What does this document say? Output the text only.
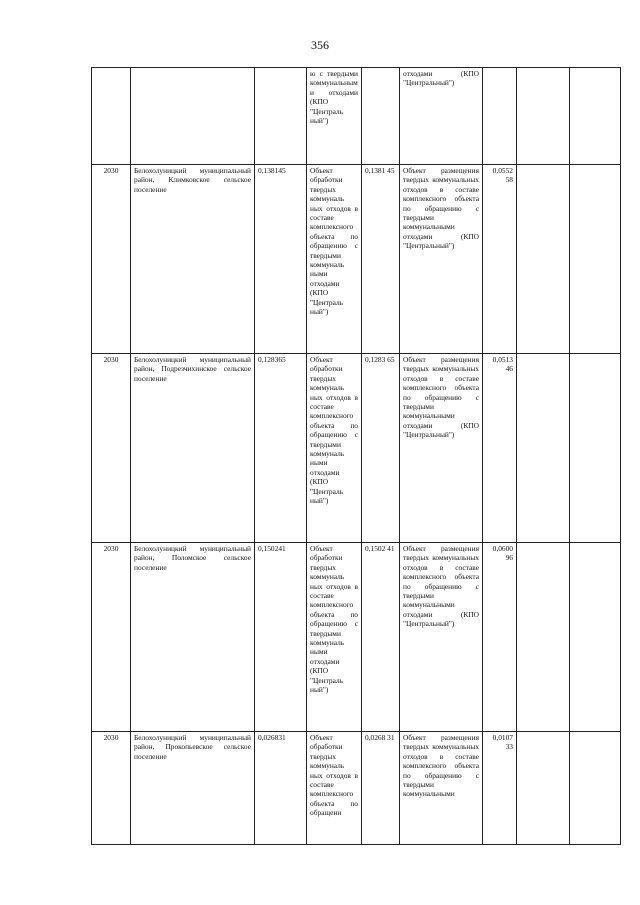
356

			ю с твердыми коммунальными отходами (КПО "Централь ный")		отходами (КПО "Центральный")			

2030	Белохолуницкий муниципальный район, Климковское сельское поселение	0,138145	Объект обработки твердых коммуналь ных отходов в составе комплексного объекта по обращению с твердыми коммуналь ными отходами (КПО "Централь ный")	0,1381 45	Объект размещения твердых коммунальных отходов в составе комплексного объекта по обращению с твердыми коммунальными отходами (КПО "Центральный")	0,0552 58		

2030	Белохолуницкий муниципальный район, Подрезчихинское сельское поселение	0,128365	Объект обработки твердых коммуналь ных отходов в составе комплексного объекта по обращению с твердыми коммуналь ными отходами (КПО "Централь ный")	0,1283 65	Объект размещения твердых коммунальных отходов в составе комплексного объекта по обращению с твердыми коммунальными отходами (КПО "Центральный")	0,0513 46		

2030	Белохолуницкий муниципальный район, Поломское сельское поселение	0,150241	Объект обработки твердых коммуналь ных отходов в составе комплексного объекта по обращению с твердыми коммуналь ными отходами (КПО "Централь ный")	0,1502 41	Объект размещения твердых коммунальных отходов в составе комплексного объекта по обращению с твердыми коммунальными отходами (КПО "Центральный")	0,0600 96		

2030	Белохолуницкий муниципальный район, Прокопьевское сельское поселение	0,026831	Объект обработки твердых коммуналь ных отходов в составе комплексного объекта по обращени	0,0268 31	Объект размещения твердых коммунальных отходов в составе комплексного объекта по обращению с твердыми коммунальными	0,0107 33		
